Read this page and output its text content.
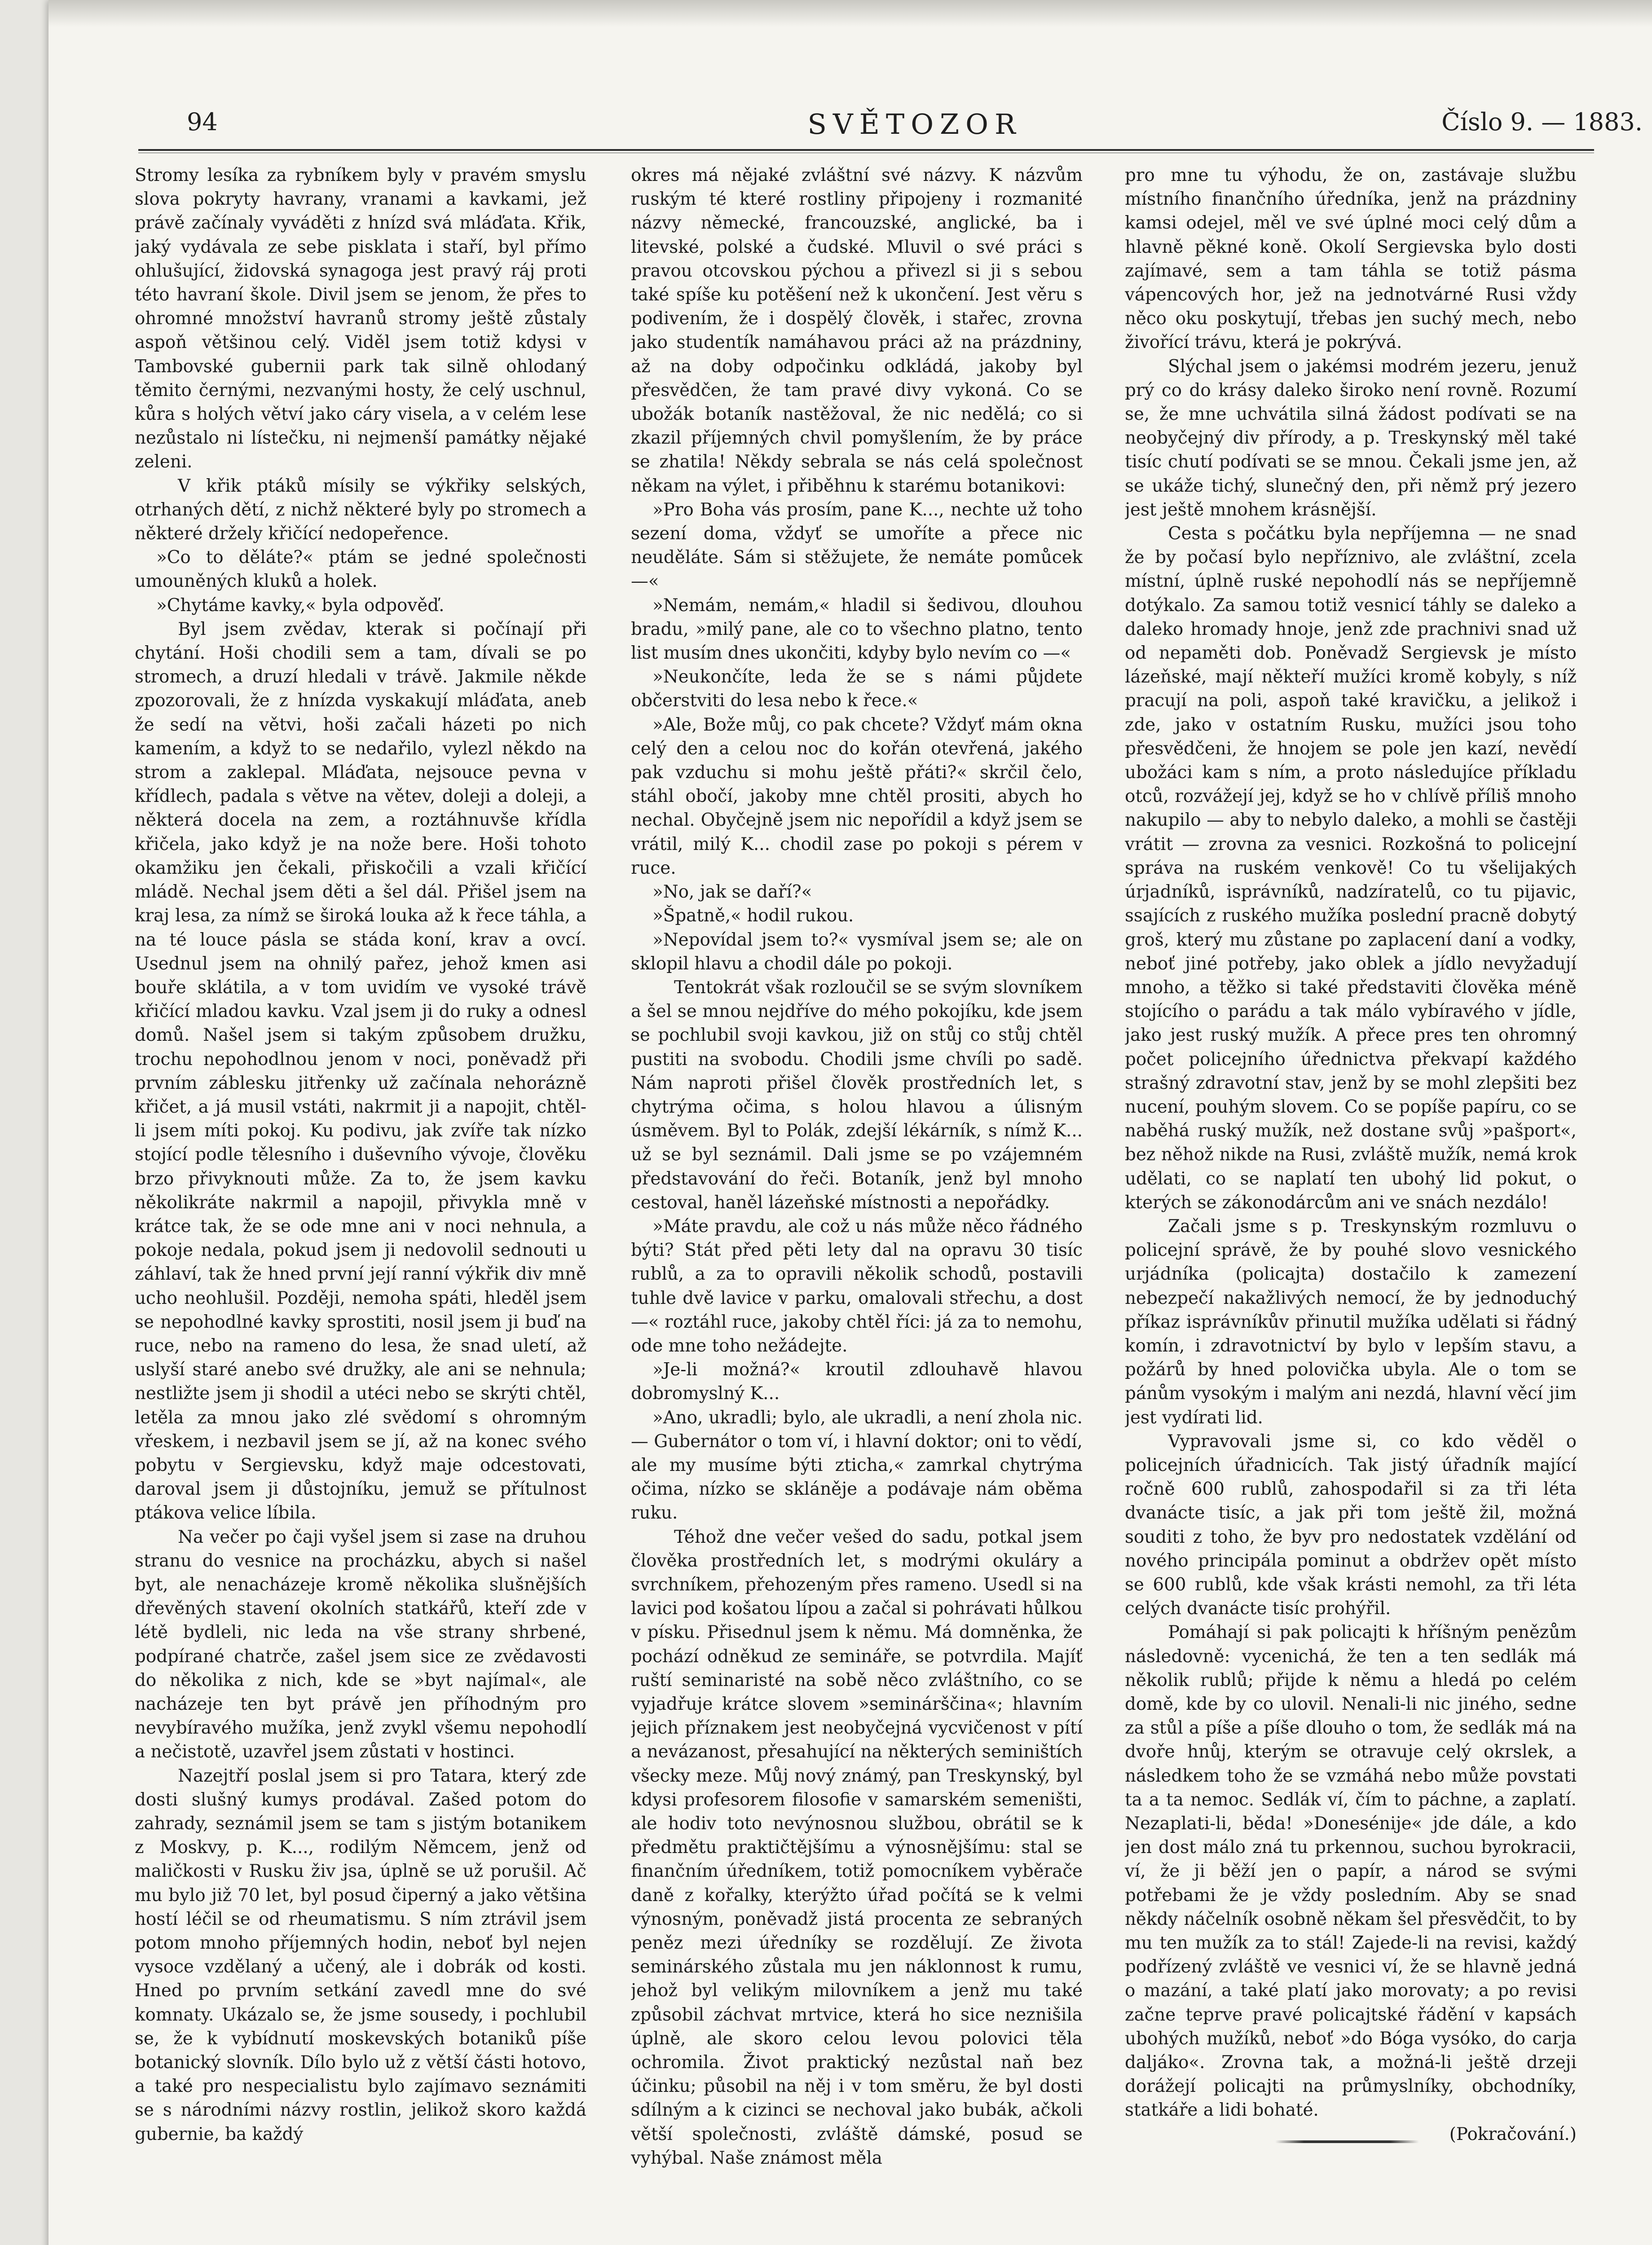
94	SVĚTOZOR	Číslo 9. — 1883.

Stromy lesíka za rybníkem byly v pravém smyslu slova pokryty havrany, vranami a kavkami, jež právě začínaly vyváděti z hnízd svá mláďata. Křik, jaký vydávala ze sebe pisklata i staří, byl přímo ohlušující, židovská synagoga jest pravý ráj proti této havraní škole. Divil jsem se jenom, že přes to ohromné množství havranů stromy ještě zůstaly aspoň většinou celý. Viděl jsem totiž kdysi v Tambovské gubernii park tak silně ohlodaný těmito černými, nezvanými hosty, že celý uschnul, kůra s holých větví jako cáry visela, a v celém lese nezůstalo ni lístečku, ni nejmenší památky nějaké zeleni.

V křik ptáků mísily se výkřiky selských, otrhaných dětí, z nichž některé byly po stromech a některé držely křičící nedopeřence.

»Co to děláte?« ptám se jedné společnosti umouněných kluků a holek.

»Chytáme kavky,« byla odpověď.

Byl jsem zvědav, kterak si počínají při chytání. Hoši chodili sem a tam, dívali se po stromech, a druzí hledali v trávě. Jakmile někde zpozorovali, že z hnízda vyskakují mláďata, aneb že sedí na větvi, hoši začali házeti po nich kamením, a když to se nedařilo, vylezl někdo na strom a zaklepal. Mláďata, nejsouce pevna v křídlech, padala s větve na větev, doleji a doleji, a některá docela na zem, a roztáhnuvše křídla křičela, jako když je na nože bere. Hoši tohoto okamžiku jen čekali, přiskočili a vzali křičící mládě. Nechal jsem děti a šel dál. Přišel jsem na kraj lesa, za nímž se široká louka až k řece táhla, a na té louce pásla se stáda koní, krav a ovcí. Usednul jsem na ohnilý pařez, jehož kmen asi bouře sklátila, a v tom uvidím ve vysoké trávě křičící mladou kavku. Vzal jsem ji do ruky a odnesl domů. Našel jsem si takým způsobem družku, trochu nepohodlnou jenom v noci, poněvadž při prvním záblesku jitřenky už začínala nehorázně křičet, a já musil vstáti, nakrmit ji a napojit, chtěl-li jsem míti pokoj. Ku podivu, jak zvíře tak nízko stojící podle tělesního i duševního vývoje, člověku brzo přivyknouti může. Za to, že jsem kavku několikráte nakrmil a napojil, přivykla mně v krátce tak, že se ode mne ani v noci nehnula, a pokoje nedala, pokud jsem ji nedovolil sednouti u záhlaví, tak že hned první její ranní výkřik div mně ucho neohlušil. Později, nemoha spáti, hleděl jsem se nepohodlné kavky sprostiti, nosil jsem ji buď na ruce, nebo na rameno do lesa, že snad uletí, až uslyší staré anebo své družky, ale ani se nehnula; nestližte jsem ji shodil a utéci nebo se skrýti chtěl, letěla za mnou jako zlé svědomí s ohromným vřeskem, i nezbavil jsem se jí, až na konec svého pobytu v Sergievsku, když maje odcestovati, daroval jsem ji důstojníku, jemuž se přítulnost ptákova velice líbila.

Na večer po čaji vyšel jsem si zase na druhou stranu do vesnice na procházku, abych si našel byt, ale nenacházeje kromě několika slušnějších dřevěných stavení okolních statkářů, kteří zde v létě bydleli, nic leda na vše strany shrbené, podpírané chatrče, zašel jsem sice ze zvědavosti do několika z nich, kde se »byt najímal«, ale nacházeje ten byt právě jen příhodným pro nevybíravého mužíka, jenž zvykl všemu nepohodlí a nečistotě, uzavřel jsem zůstati v hostinci.

Nazejtří poslal jsem si pro Tatara, který zde dosti slušný kumys prodával. Zašed potom do zahrady, seznámil jsem se tam s jistým botanikem z Moskvy, p. K..., rodilým Němcem, jenž od maličkosti v Rusku živ jsa, úplně se už porušil. Ač mu bylo již 70 let, byl posud čiperný a jako většina hostí léčil se od rheumatismu. S ním ztrávil jsem potom mnoho příjemných hodin, neboť byl nejen vysoce vzdělaný a učený, ale i dobrák od kosti. Hned po prvním setkání zavedl mne do své komnaty. Ukázalo se, že jsme sousedy, i pochlubil se, že k vybídnutí moskevských botaniků píše botanický slovník. Dílo bylo už z větší části hotovo, a také pro nespecialistu bylo zajímavo seznámiti se s národními názvy rostlin, jelikož skoro každá gubernie, ba každý

okres má nějaké zvláštní své názvy. K názvům ruským té které rostliny připojeny i rozmanité názvy německé, francouzské, anglické, ba i litevské, polské a čudské. Mluvil o své práci s pravou otcovskou pýchou a přivezl si ji s sebou také spíše ku potěšení než k ukončení. Jest věru s podivením, že i dospělý člověk, i stařec, zrovna jako studentík namáhavou práci až na prázdniny, až na doby odpočinku odkládá, jakoby byl přesvědčen, že tam pravé divy vykoná. Co se ubožák botaník nastěžoval, že nic nedělá; co si zkazil příjemných chvil pomyšlením, že by práce se zhatila! Někdy sebrala se nás celá společnost někam na výlet, i přiběhnu k starému botanikovi:

»Pro Boha vás prosím, pane K..., nechte už toho sezení doma, vždyť se umoříte a přece nic neuděláte. Sám si stěžujete, že nemáte pomůcek —«

»Nemám, nemám,« hladil si šedivou, dlouhou bradu, »milý pane, ale co to všechno platno, tento list musím dnes ukončiti, kdyby bylo nevím co —«

»Neukončíte, leda že se s námi půjdete občerstviti do lesa nebo k řece.«

»Ale, Bože můj, co pak chcete? Vždyť mám okna celý den a celou noc do kořán otevřená, jakého pak vzduchu si mohu ještě přáti?« skrčil čelo, stáhl obočí, jakoby mne chtěl prositi, abych ho nechal. Obyčejně jsem nic nepořídil a když jsem se vrátil, milý K... chodil zase po pokoji s pérem v ruce.

»No, jak se daří?«

»Špatně,« hodil rukou.

»Nepovídal jsem to?« vysmíval jsem se; ale on sklopil hlavu a chodil dále po pokoji.

Tentokrát však rozloučil se se svým slovníkem a šel se mnou nejdříve do mého pokojíku, kde jsem se pochlubil svoji kavkou, již on stůj co stůj chtěl pustiti na svobodu. Chodili jsme chvíli po sadě. Nám naproti přišel člověk prostředních let, s chytrýma očima, s holou hlavou a úlisným úsměvem. Byl to Polák, zdejší lékárník, s nímž K... už se byl seznámil. Dali jsme se po vzájemném představování do řeči. Botaník, jenž byl mnoho cestoval, haněl lázeňské místnosti a nepořádky.

»Máte pravdu, ale což u nás může něco řádného býti? Stát před pěti lety dal na opravu 30 tisíc rublů, a za to opravili několik schodů, postavili tuhle dvě lavice v parku, omalovali střechu, a dost —« roztáhl ruce, jakoby chtěl říci: já za to nemohu, ode mne toho nežádejte.

»Je-li možná?« kroutil zdlouhavě hlavou dobromyslný K...

»Ano, ukradli; bylo, ale ukradli, a není zhola nic. — Gubernátor o tom ví, i hlavní doktor; oni to vědí, ale my musíme býti zticha,« zamrkal chytrýma očima, nízko se skláněje a podávaje nám oběma ruku.

Téhož dne večer vešed do sadu, potkal jsem člověka prostředních let, s modrými okuláry a svrchníkem, přehozeným přes rameno. Usedl si na lavici pod košatou lípou a začal si pohrávati hůlkou v písku. Přisednul jsem k němu. Má domněnka, že pochází odněkud ze semináře, se potvrdila. Majíť ruští seminaristé na sobě něco zvláštního, co se vyjadřuje krátce slovem »seminárščina«; hlavním jejich příznakem jest neobyčejná vycvičenost v pítí a nevázanost, přesahující na některých seminištích všecky meze. Můj nový známý, pan Treskynský, byl kdysi profesorem filosofie v samarském semeništi, ale hodiv toto nevýnosnou službou, obrátil se k předmětu praktičtějšímu a výnosnějšímu: stal se finančním úředníkem, totiž pomocníkem vyběrače daně z kořalky, kterýžto úřad počítá se k velmi výnosným, poněvadž jistá procenta ze sebraných peněz mezi úředníky se rozdělují. Ze života seminárského zůstala mu jen náklonnost k rumu, jehož byl velikým milovníkem a jenž mu také způsobil záchvat mrtvice, která ho sice neznišila úplně, ale skoro celou levou polovici těla ochromila. Život praktický nezůstal naň bez účinku; působil na něj i v tom směru, že byl dosti sdílným a k cizinci se nechoval jako bubák, ačkoli větší společnosti, zvláště dámské, posud se vyhýbal. Naše známost měla

pro mne tu výhodu, že on, zastávaje službu místního finančního úředníka, jenž na prázdniny kamsi odejel, měl ve své úplné moci celý dům a hlavně pěkné koně. Okolí Sergievska bylo dosti zajímavé, sem a tam táhla se totiž pásma vápencových hor, jež na jednotvárné Rusi vždy něco oku poskytují, třebas jen suchý mech, nebo živořící trávu, která je pokrývá.

Slýchal jsem o jakémsi modrém jezeru, jenuž prý co do krásy daleko široko není rovně. Rozumí se, že mne uchvátila silná žádost podívati se na neobyčejný div přírody, a p. Treskynský měl také tisíc chutí podívati se se mnou. Čekali jsme jen, až se ukáže tichý, slunečný den, při němž prý jezero jest ještě mnohem krásnější.

Cesta s počátku byla nepříjemna — ne snad že by počasí bylo nepříznivo, ale zvláštní, zcela místní, úplně ruské nepohodlí nás se nepříjemně dotýkalo. Za samou totiž vesnicí táhly se daleko a daleko hromady hnoje, jenž zde prachnivi snad už od nepaměti dob. Poněvadž Sergievsk je místo lázeňské, mají někteří mužíci kromě kobyly, s níž pracují na poli, aspoň také kravičku, a jelikož i zde, jako v ostatním Rusku, mužíci jsou toho přesvědčeni, že hnojem se pole jen kazí, nevědí ubožáci kam s ním, a proto následujíce příkladu otců, rozvážejí jej, když se ho v chlívě příliš mnoho nakupilo — aby to nebylo daleko, a mohli se častěji vrátit — zrovna za vesnici. Rozkošná to policejní správa na ruském venkově! Co tu všelijakých úrjadníků, isprávníků, nadzíratelů, co tu pijavic, ssajících z ruského mužíka poslední pracně dobytý groš, který mu zůstane po zaplacení daní a vodky, neboť jiné potřeby, jako oblek a jídlo nevyžadují mnoho, a těžko si také představiti člověka méně stojícího o parádu a tak málo vybíravého v jídle, jako jest ruský mužík. A přece pres ten ohromný počet policejního úřednictva překvapí každého strašný zdravotní stav, jenž by se mohl zlepšiti bez nucení, pouhým slovem. Co se popíše papíru, co se naběhá ruský mužík, než dostane svůj »pašport«, bez něhož nikde na Rusi, zvláště mužík, nemá krok udělati, co se naplatí ten ubohý lid pokut, o kterých se zákonodárcům ani ve snách nezdálo!

Začali jsme s p. Treskynským rozmluvu o policejní správě, že by pouhé slovo vesnického urjádníka (policajta) dostačilo k zamezení nebezpečí nakažlivých nemocí, že by jednoduchý příkaz isprávníkův přinutil mužíka udělati si řádný komín, i zdravotnictví by bylo v lepším stavu, a požárů by hned polovička ubyla. Ale o tom se pánům vysokým i malým ani nezdá, hlavní věcí jim jest vydírati lid.

Vypravovali jsme si, co kdo věděl o policejních úřadnicích. Tak jistý úřadník mající ročně 600 rublů, zahospodařil si za tři léta dvanácte tisíc, a jak při tom ještě žil, možná souditi z toho, že byv pro nedostatek vzdělání od nového principála pominut a obdržev opět místo se 600 rublů, kde však krásti nemohl, za tři léta celých dvanácte tisíc prohýřil.

Pomáhají si pak policajti k hříšným penězům následovně: vycenichá, že ten a ten sedlák má několik rublů; přijde k němu a hledá po celém domě, kde by co ulovil. Nenali-li nic jiného, sedne za stůl a píše a píše dlouho o tom, že sedlák má na dvoře hnůj, kterým se otravuje celý okrslek, a následkem toho že se vzmáhá nebo může povstati ta a ta nemoc. Sedlák ví, čím to páchne, a zaplatí. Nezaplati-li, běda! »Donesénije« jde dále, a kdo jen dost málo zná tu prkennou, suchou byrokracii, ví, že ji běží jen o papír, a národ se svými potřebami že je vždy posledním. Aby se snad někdy náčelník osobně někam šel přesvědčit, to by mu ten mužík za to stál! Zajede-li na revisi, každý podřízený zvláště ve vesnici ví, že se hlavně jedná o mazání, a také platí jako morovaty; a po revisi začne teprve pravé policajtské řádění v kapsách ubohých mužíků, neboť »do Bóga vysóko, do carja daljáko«. Zrovna tak, a možná-li ještě drzeji dorážejí policajti na průmyslníky, obchodníky, statkáře a lidi bohaté.

(Pokračování.)
